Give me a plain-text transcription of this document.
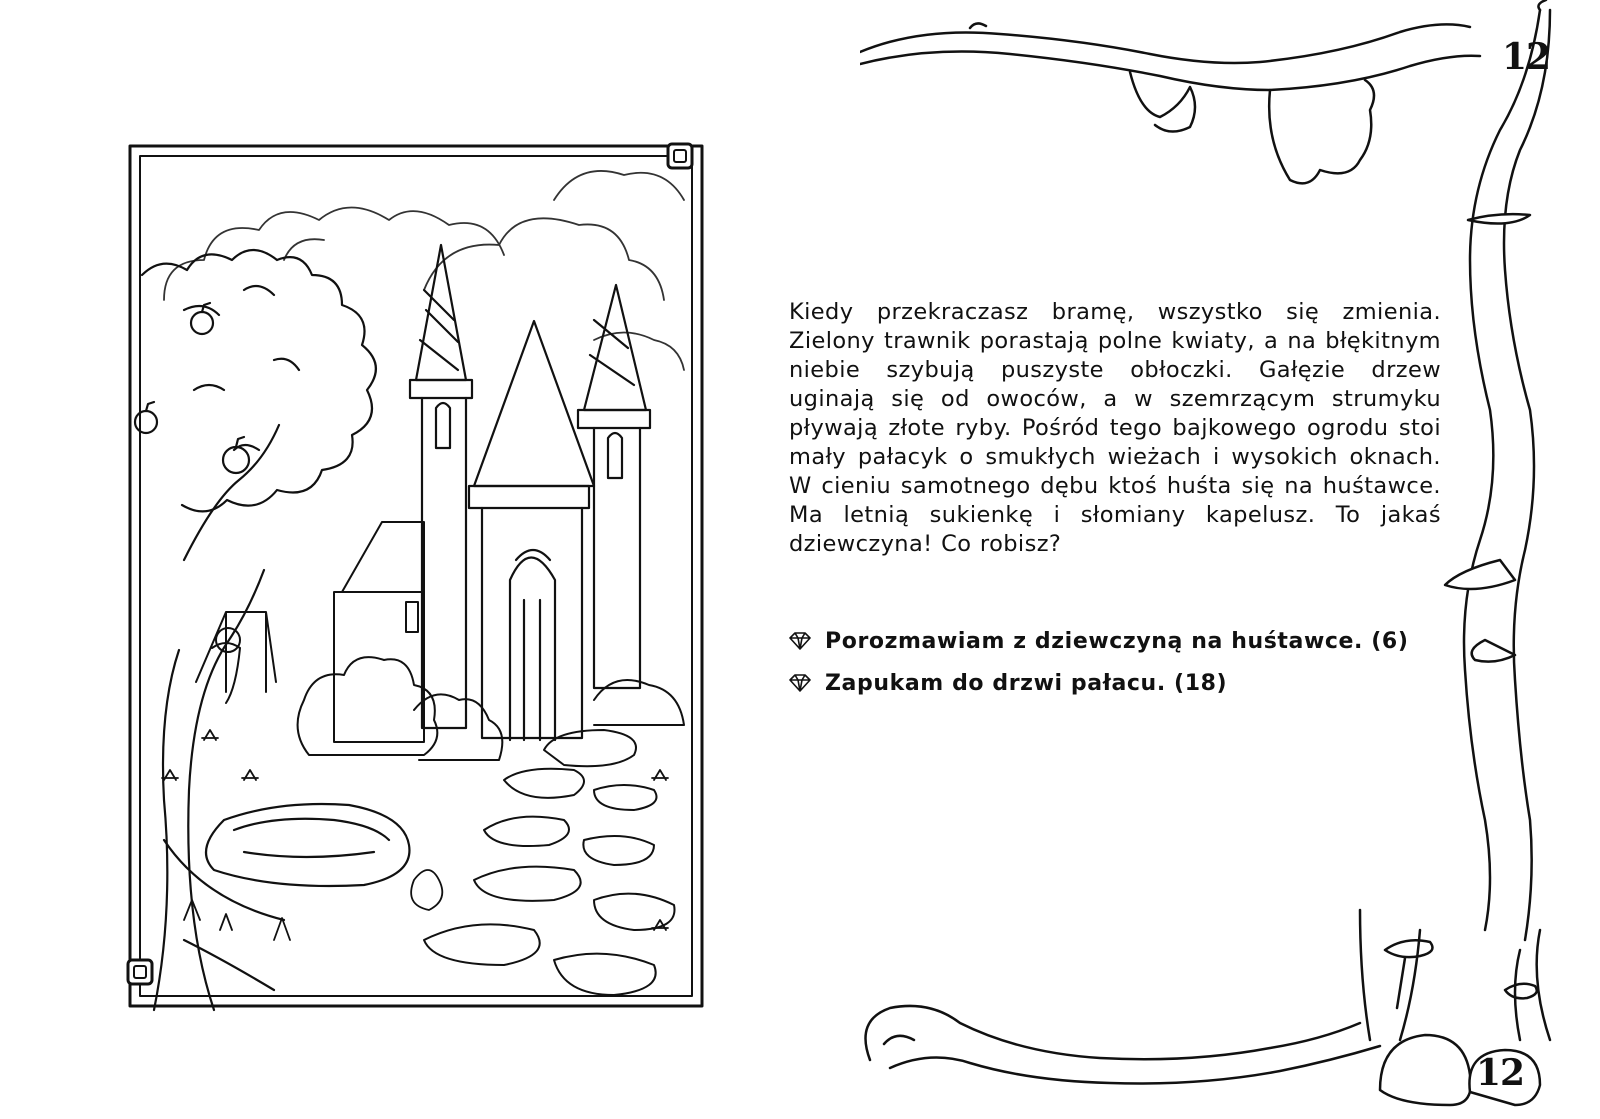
12
12
Kiedy przekraczasz bramę, wszystko się zmienia. Zielony trawnik porastają polne kwiaty, a na błękitnym niebie szybują puszyste obłoczki. Gałęzie drzew uginają się od owoców, a w szemrzącym strumyku pływają złote ryby. Pośród tego bajkowego ogrodu stoi mały pałacyk o smukłych wieżach i wysokich oknach. W cieniu samotnego dębu ktoś huśta się na huśtawce. Ma letnią sukienkę i słomiany kapelusz. To jakaś dziewczyna! Co robisz?
Porozmawiam z dziewczyną na huśtawce. (6)
Zapukam do drzwi pałacu. (18)
